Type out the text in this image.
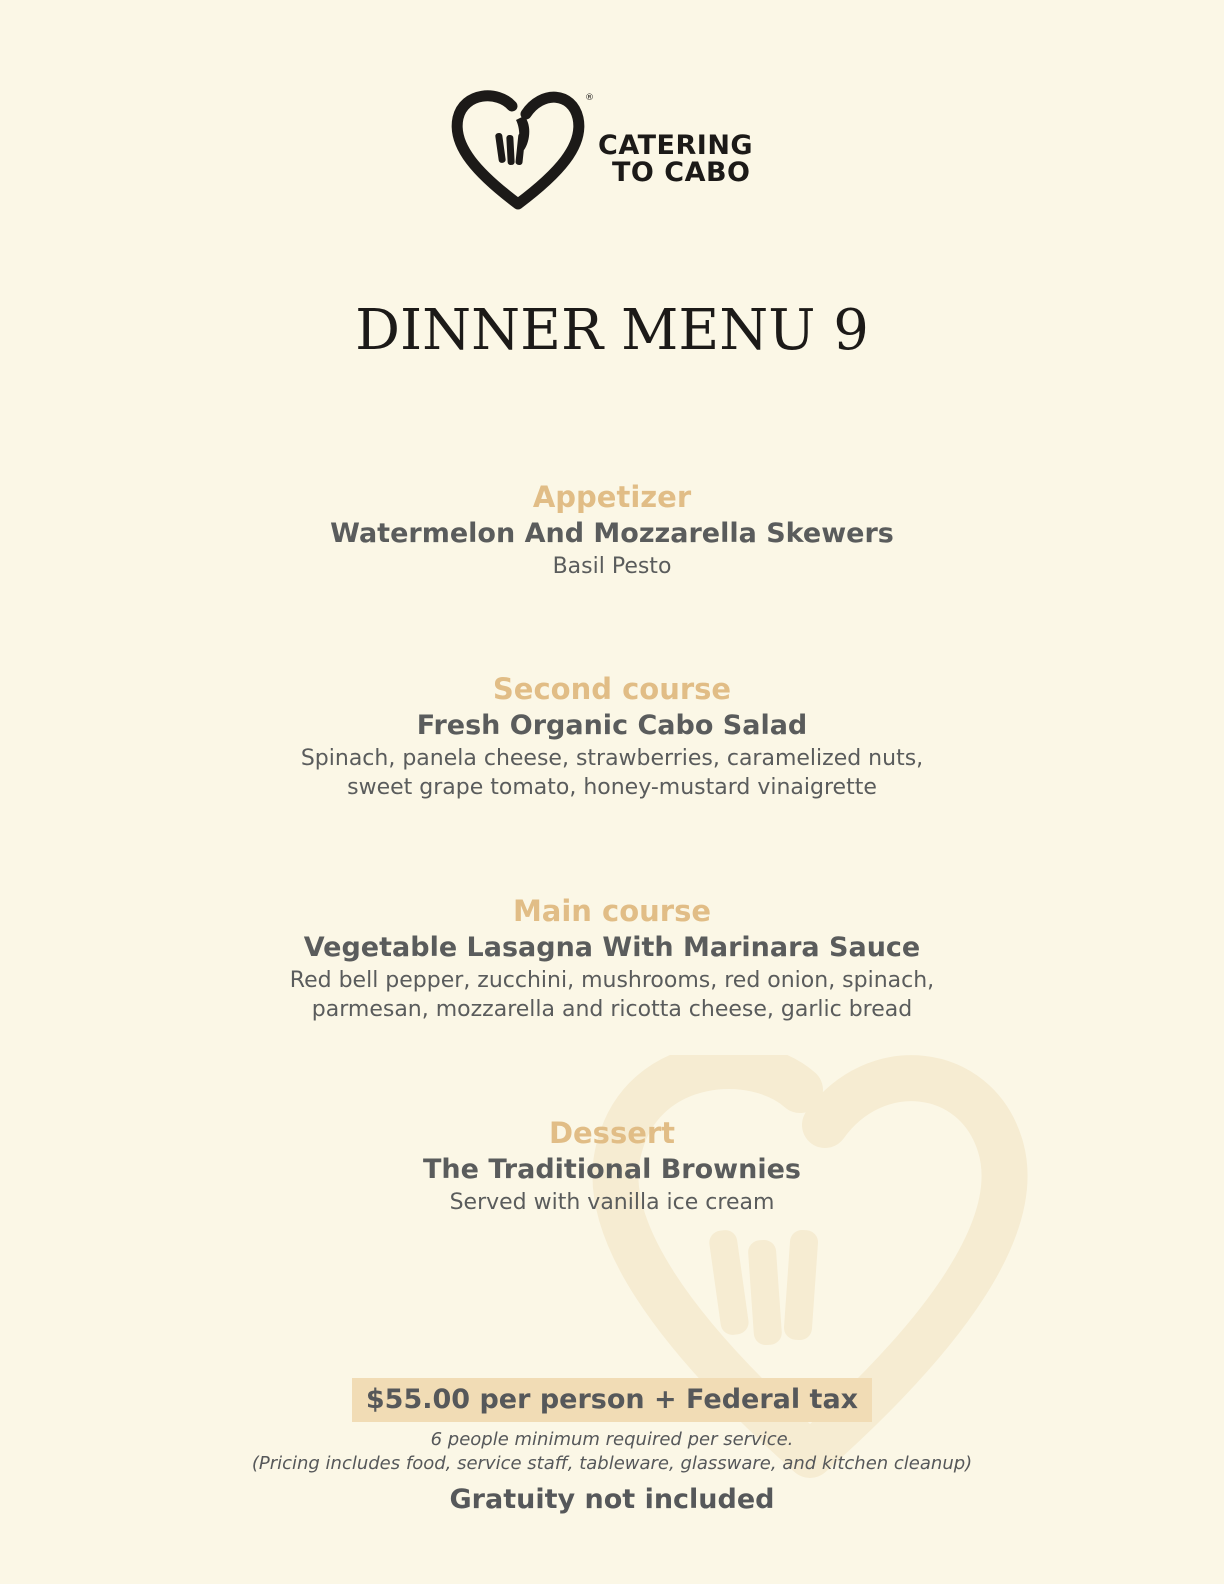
®
CATERING
TO CABO
DINNER MENU 9
Appetizer
Watermelon And Mozzarella Skewers
Basil Pesto
Second course
Fresh Organic Cabo Salad
Spinach, panela cheese, strawberries, caramelized nuts,
sweet grape tomato, honey-mustard vinaigrette
Main course
Vegetable Lasagna With Marinara Sauce
Red bell pepper, zucchini, mushrooms, red onion, spinach,
parmesan, mozzarella and ricotta cheese, garlic bread
Dessert
The Traditional Brownies
Served with vanilla ice cream
$55.00 per person + Federal tax
6 people minimum required per service.
(Pricing includes food, service staff, tableware, glassware, and kitchen cleanup)
Gratuity not included
